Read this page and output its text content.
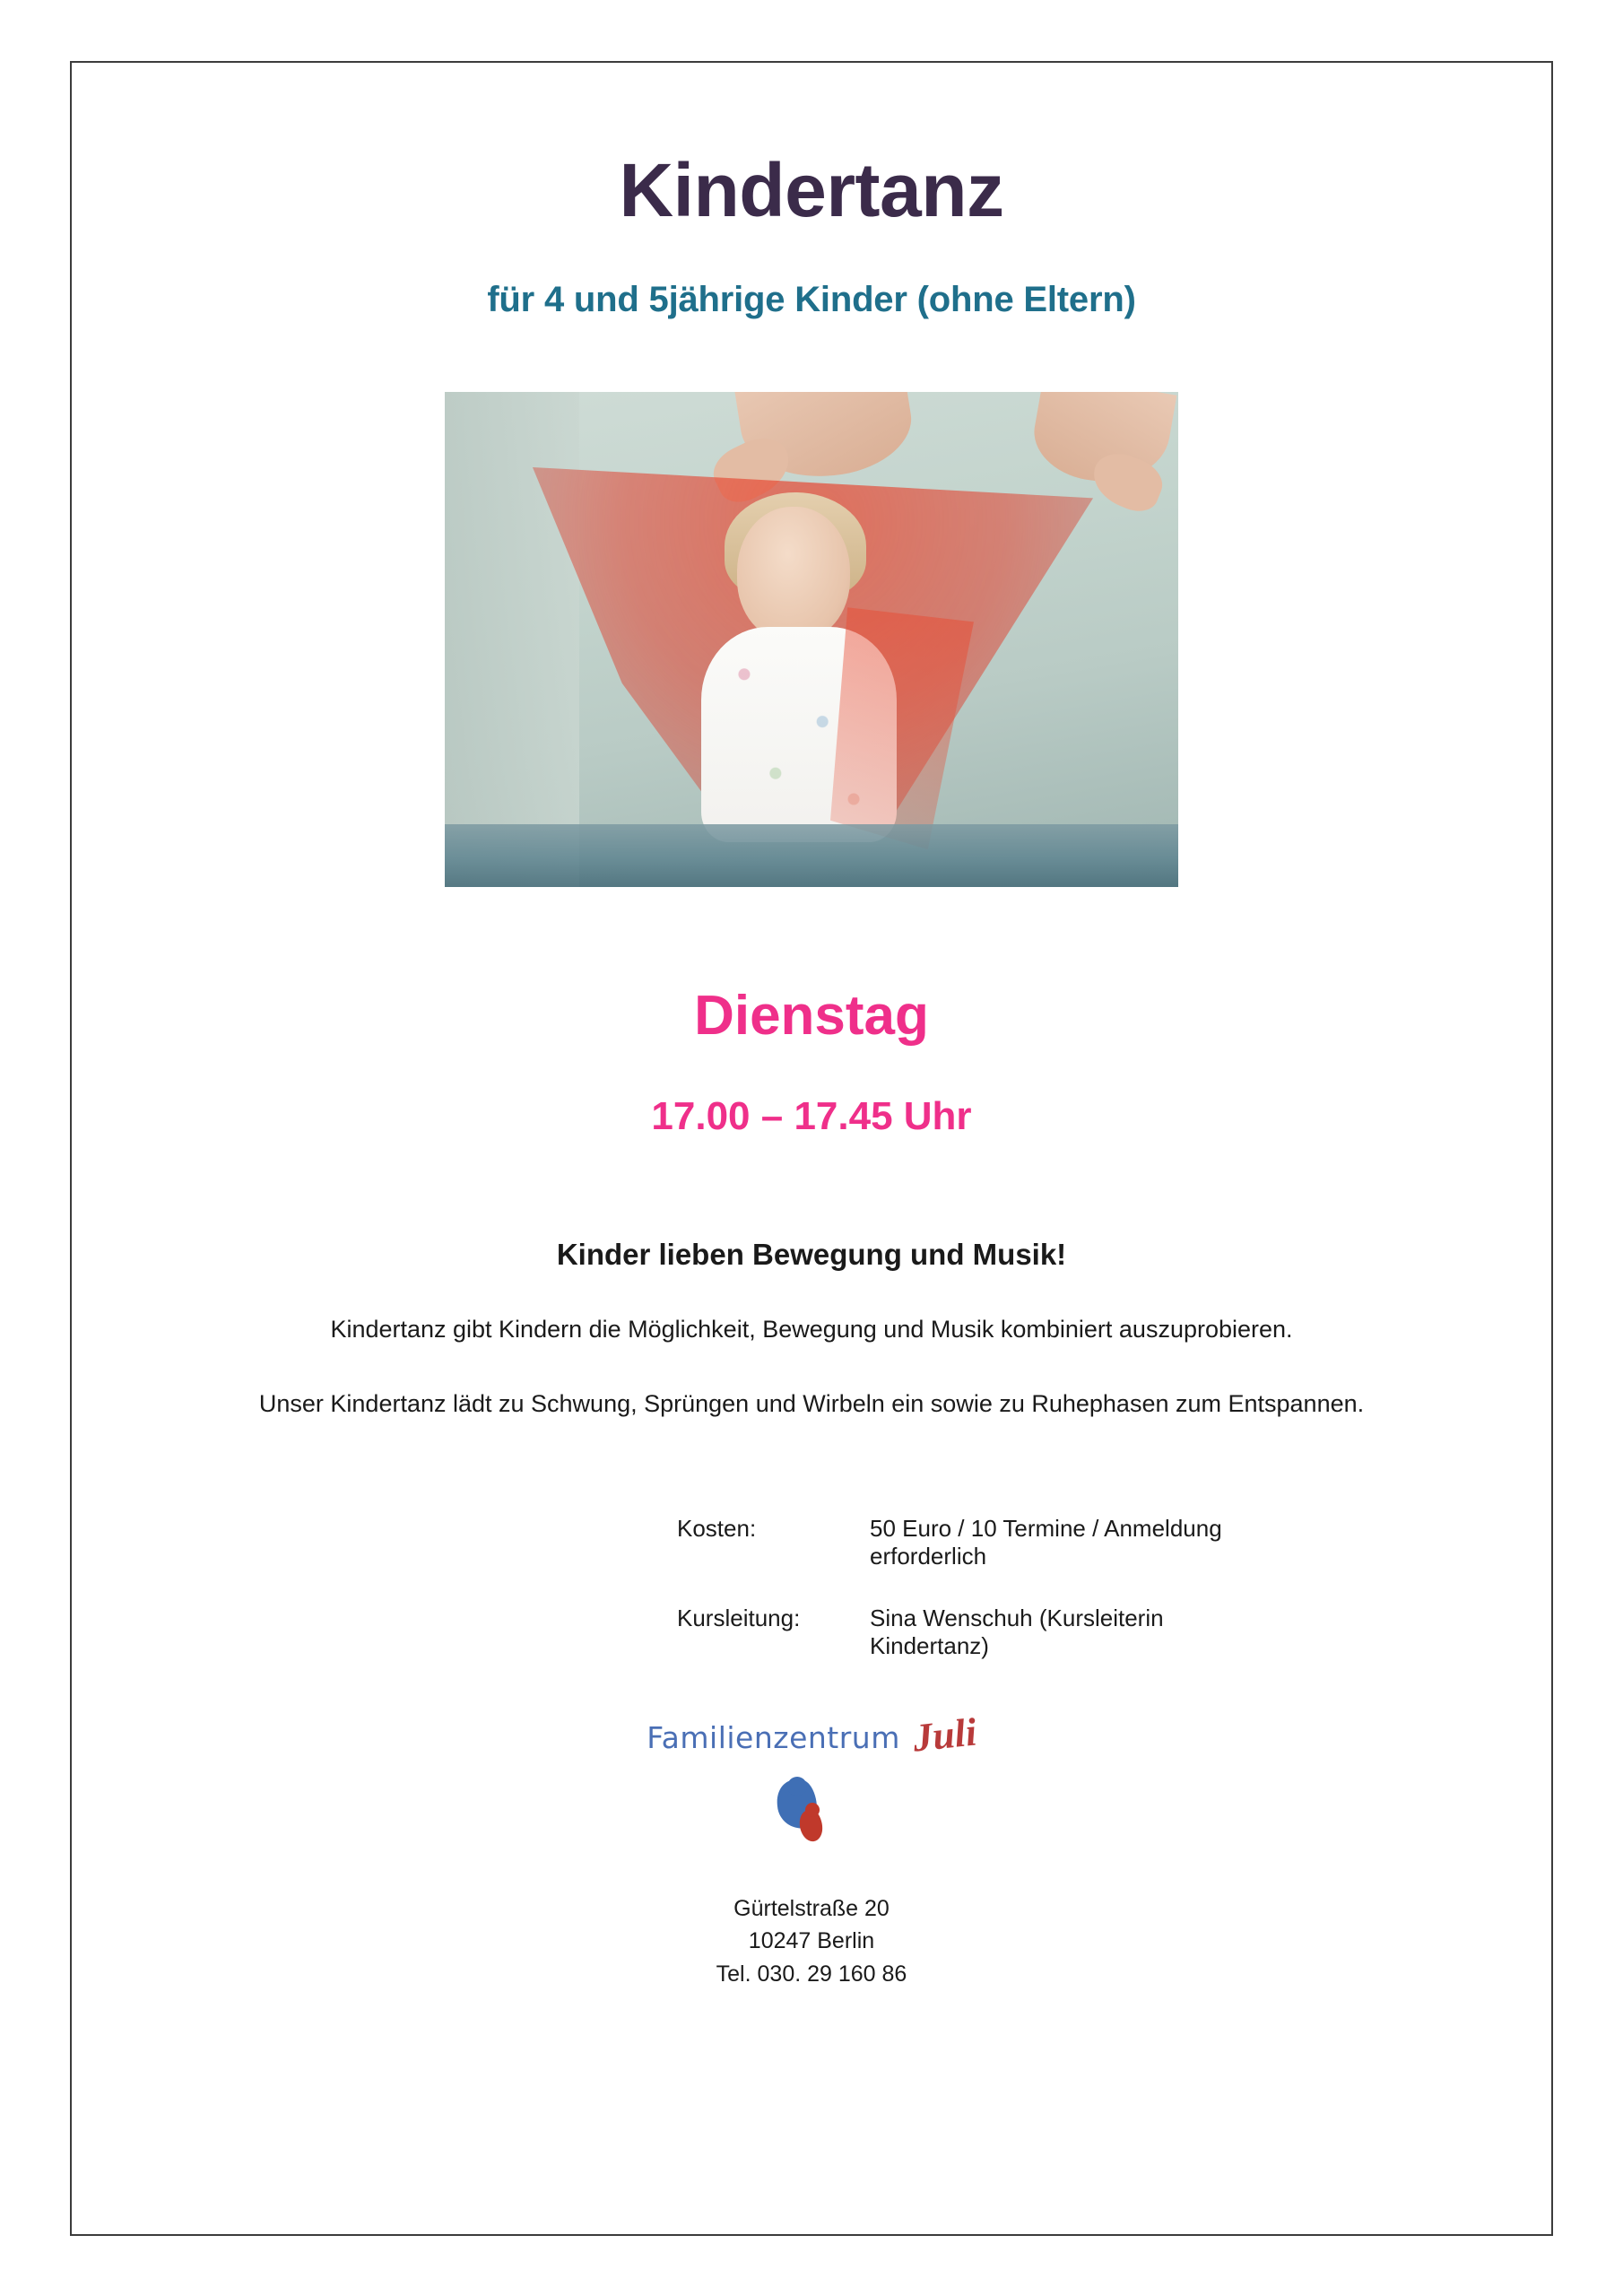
Kindertanz
für 4 und 5jährige Kinder (ohne Eltern)
Dienstag
17.00 – 17.45 Uhr
Kinder lieben Bewegung und Musik!

Kindertanz gibt Kindern die Möglichkeit, Bewegung und Musik kombiniert auszuprobieren.

Unser Kindertanz lädt zu Schwung, Sprüngen und Wirbeln ein sowie zu Ruhephasen zum Entspannen.

Kosten:	50 Euro / 10 Termine / Anmeldung erforderlich
Kursleitung:	Sina Wenschuh (Kursleiterin Kindertanz)
Familienzentrum Juli
Gürtelstraße 20
10247 Berlin
Tel. 030. 29 160 86
